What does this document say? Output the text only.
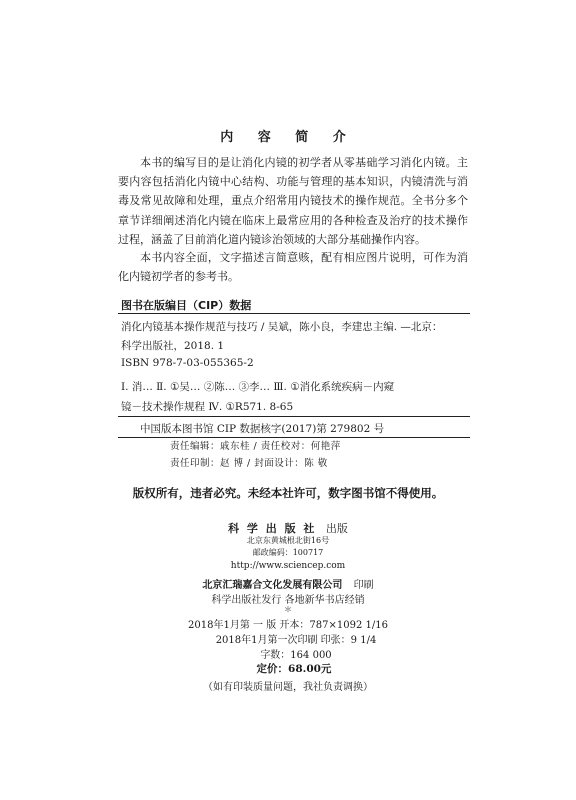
内 容 简 介
本书的编写目的是让消化内镜的初学者从零基础学习消化内镜。主要内容包括消化内镜中心结构、功能与管理的基本知识，内镜清洗与消毒及常见故障和处理，重点介绍常用内镜技术的操作规范。全书分多个章节详细阐述消化内镜在临床上最常应用的各种检查及治疗的技术操作过程，涵盖了目前消化道内镜诊治领域的大部分基础操作内容。
本书内容全面，文字描述言简意赅，配有相应图片说明，可作为消化内镜初学者的参考书。
图书在版编目（CIP）数据
消化内镜基本操作规范与技巧 / 吴斌，陈小良，李建忠主编. —北京：
科学出版社，2018. 1
ISBN 978-7-03-055365-2
Ⅰ. 消… Ⅱ. ①吴… ②陈… ③李… Ⅲ. ①消化系统疾病－内窥
镜－技术操作规程 Ⅳ. ①R571. 8-65
中国版本图书馆 CIP 数据核字(2017)第 279802 号
责任编辑：戚东桂 / 责任校对：何艳萍
责任印制：赵 博 / 封面设计：陈 敬
版权所有，违者必究。未经本社许可，数字图书馆不得使用。
科 学 出 版 社 出版
北京东黄城根北街16号
邮政编码：100717
http://www.sciencep.com
北京汇瑞嘉合文化发展有限公司 印刷
科学出版社发行 各地新华书店经销
＊
2018年1月第 一 版 开本：787×1092 1/16
2018年1月第一次印刷 印张：9 1/4
字数：164 000
定价：68.00元
（如有印装质量问题，我社负责调换）
